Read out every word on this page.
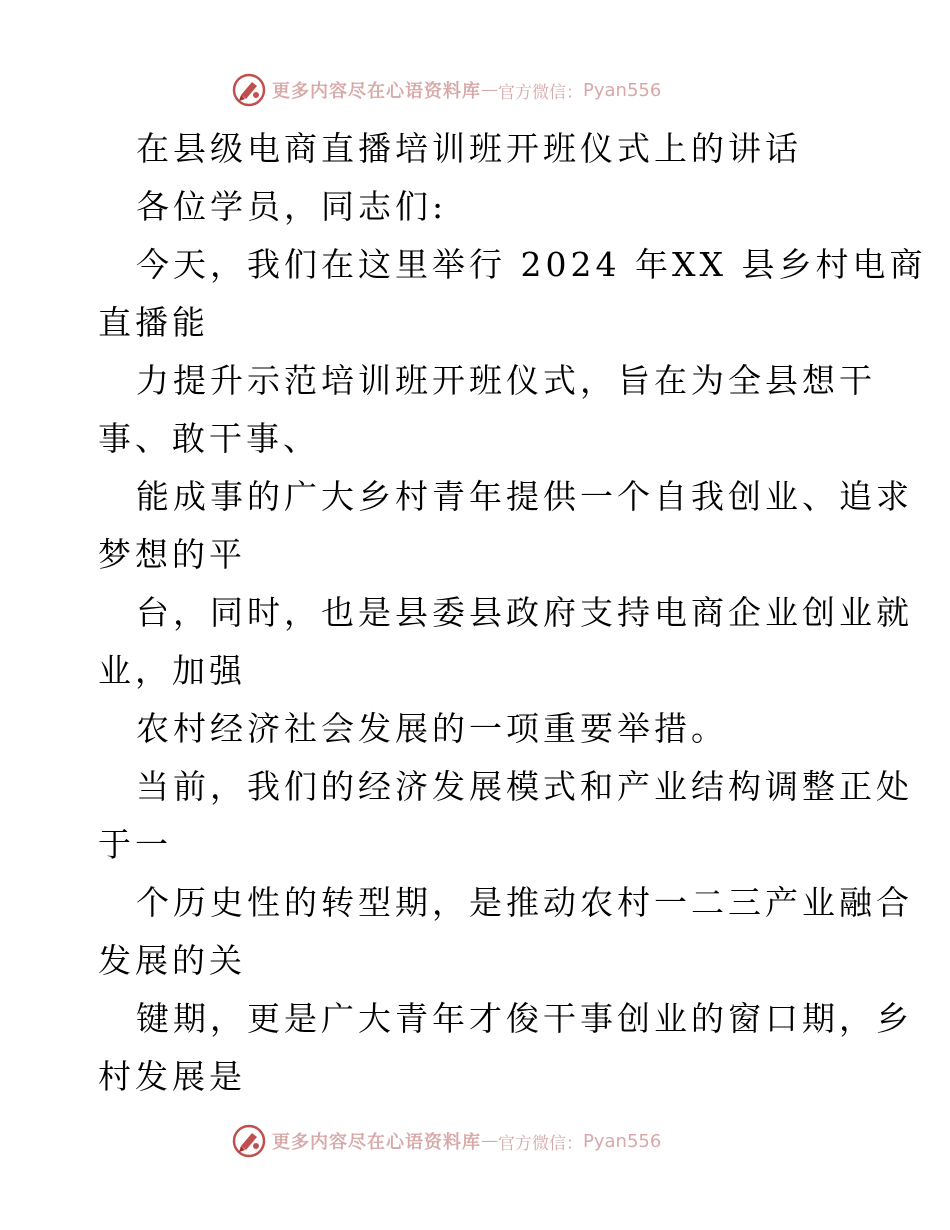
更多内容尽在心语资料库 — 官方微信： Pyan556
在县级电商直播培训班开班仪式上的讲话
各位学员，同志们:
今天，我们在这里举行 2024 年XX 县乡村电商
直播能
力提升示范培训班开班仪式，旨在为全县想干
事、敢干事、
能成事的广大乡村青年提供一个自我创业、追求
梦想的平
台，同时，也是县委县政府支持电商企业创业就
业，加强
农村经济社会发展的一项重要举措。
当前，我们的经济发展模式和产业结构调整正处
于一
个历史性的转型期，是推动农村一二三产业融合
发展的关
键期，更是广大青年才俊干事创业的窗口期，乡
村发展是
更多内容尽在心语资料库 — 官方微信： Pyan556
